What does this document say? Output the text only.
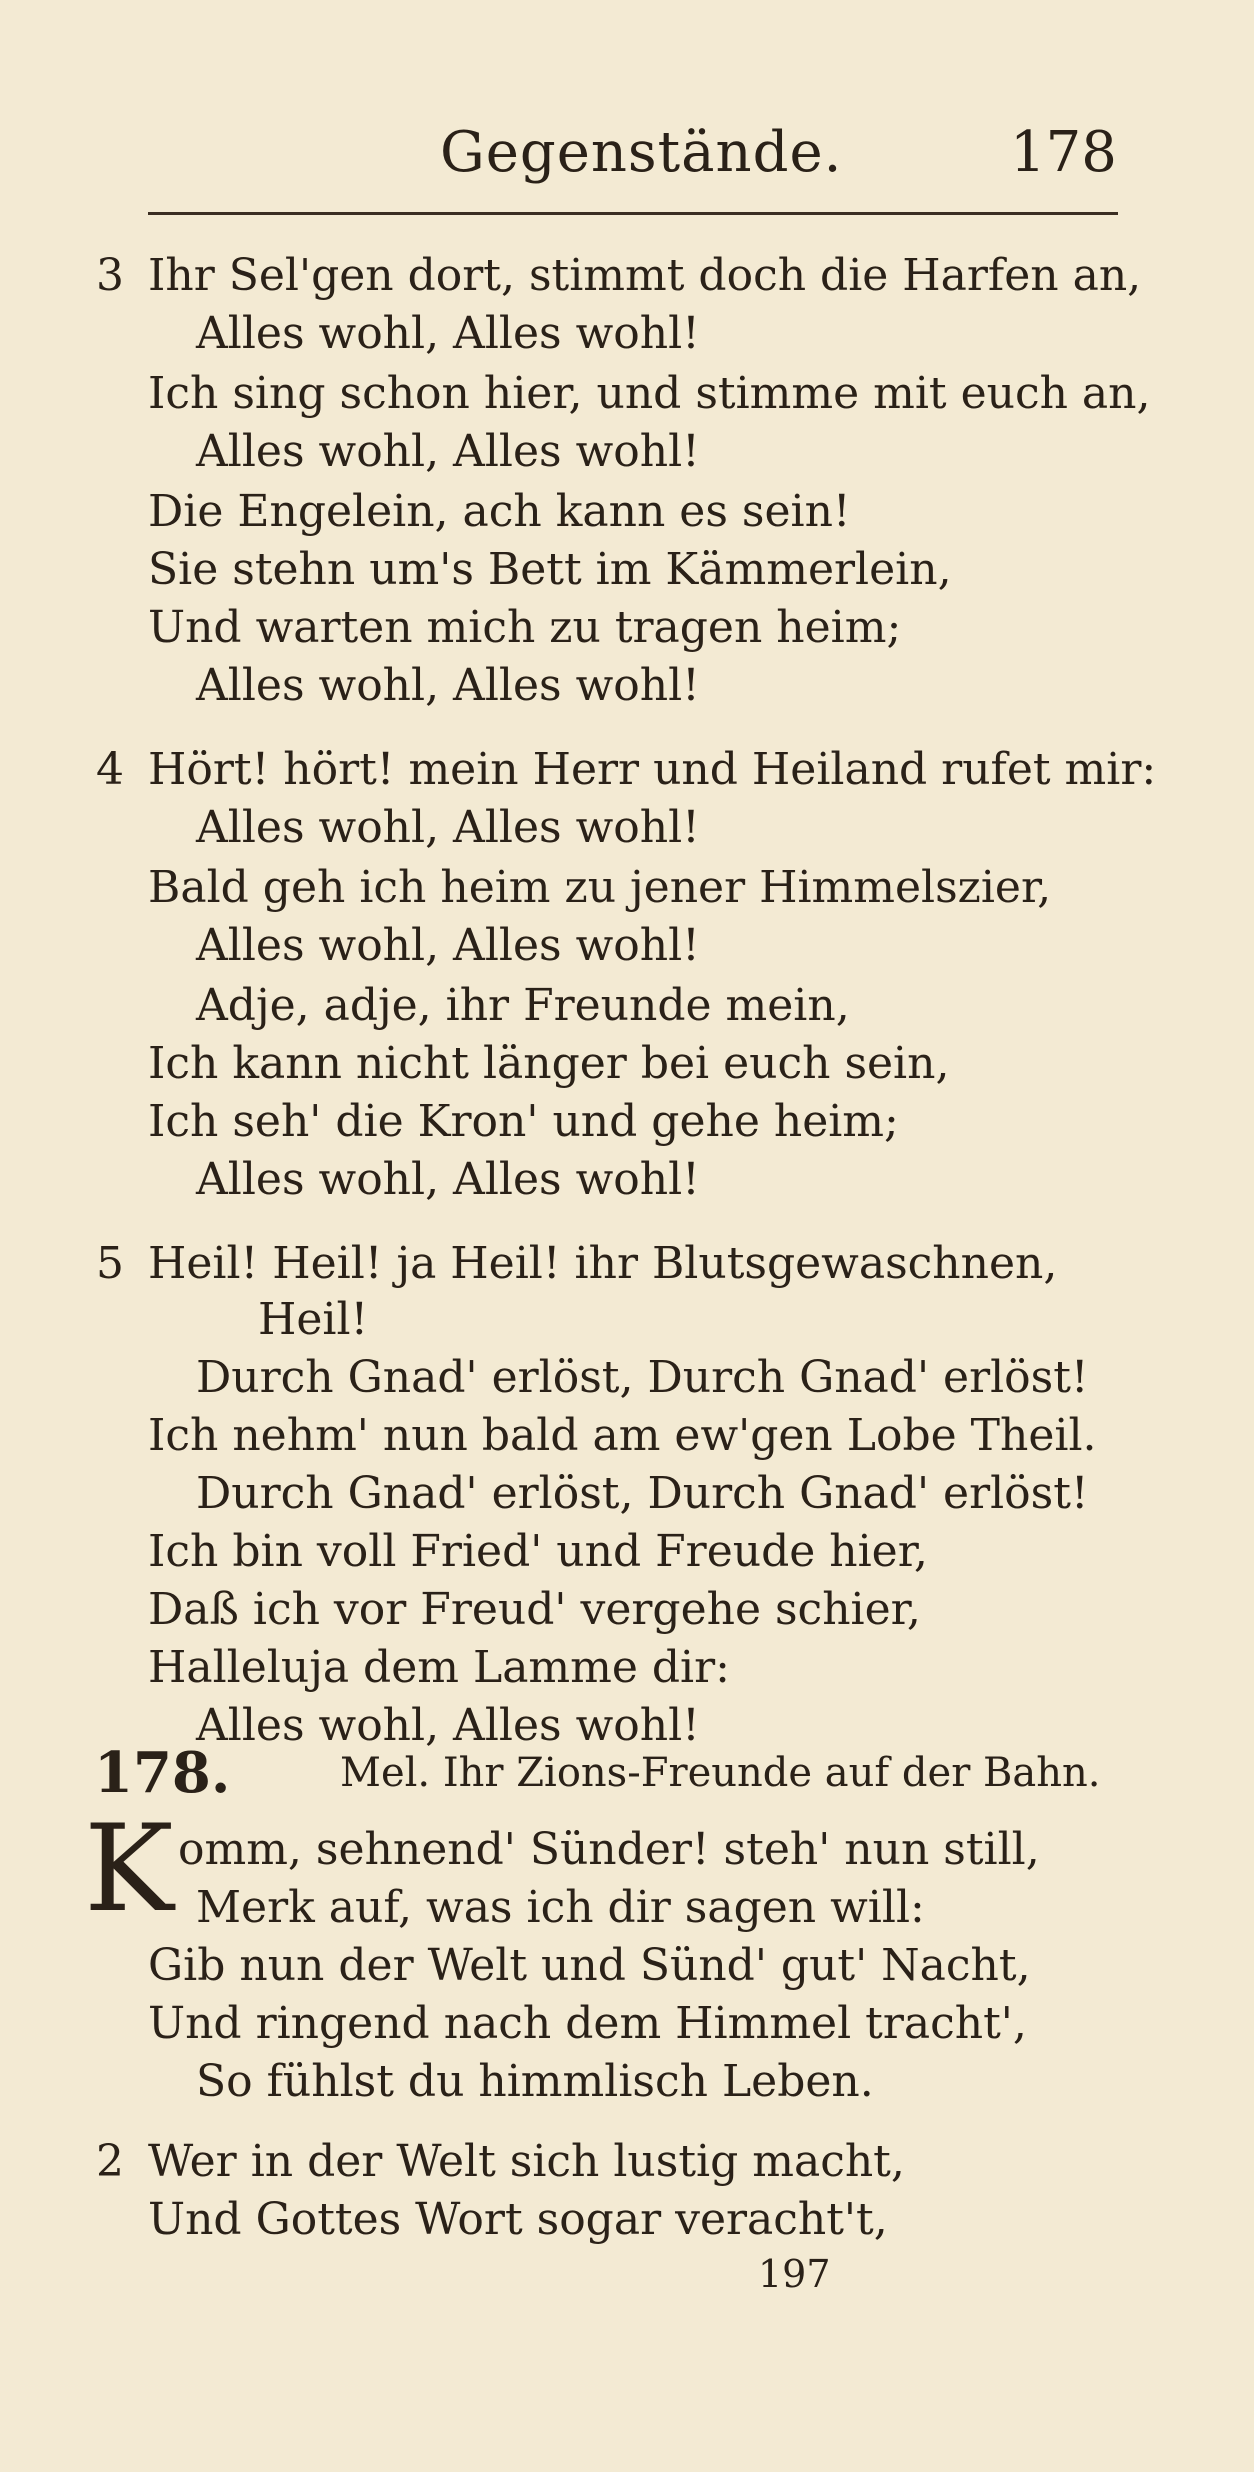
Gegenstände.	178
3 Ihr Sel'gen dort, stimmt doch die Harfen an,
Alles wohl, Alles wohl!
Ich sing schon hier, und stimme mit euch an,
Alles wohl, Alles wohl!
Die Engelein, ach kann es sein!
Sie stehn um's Bett im Kämmerlein,
Und warten mich zu tragen heim;
Alles wohl, Alles wohl!
4 Hört! hört! mein Herr und Heiland rufet mir:
Alles wohl, Alles wohl!
Bald geh ich heim zu jener Himmelszier,
Alles wohl, Alles wohl!
Adje, adje, ihr Freunde mein,
Ich kann nicht länger bei euch sein,
Ich seh' die Kron' und gehe heim;
Alles wohl, Alles wohl!
5 Heil! Heil! ja Heil! ihr Blutsgewaschnen,
Heil!
Durch Gnad' erlöst, Durch Gnad' erlöst!
Ich nehm' nun bald am ew'gen Lobe Theil.
Durch Gnad' erlöst, Durch Gnad' erlöst!
Ich bin voll Fried' und Freude hier,
Daß ich vor Freud' vergehe schier,
Halleluja dem Lamme dir:
Alles wohl, Alles wohl!
178.	Mel. Ihr Zions-Freunde auf der Bahn.
K omm, sehnend' Sünder! steh' nun still,
Merk auf, was ich dir sagen will:
Gib nun der Welt und Sünd' gut' Nacht,
Und ringend nach dem Himmel tracht',
So fühlst du himmlisch Leben.
2 Wer in der Welt sich lustig macht,
Und Gottes Wort sogar veracht't,
197
